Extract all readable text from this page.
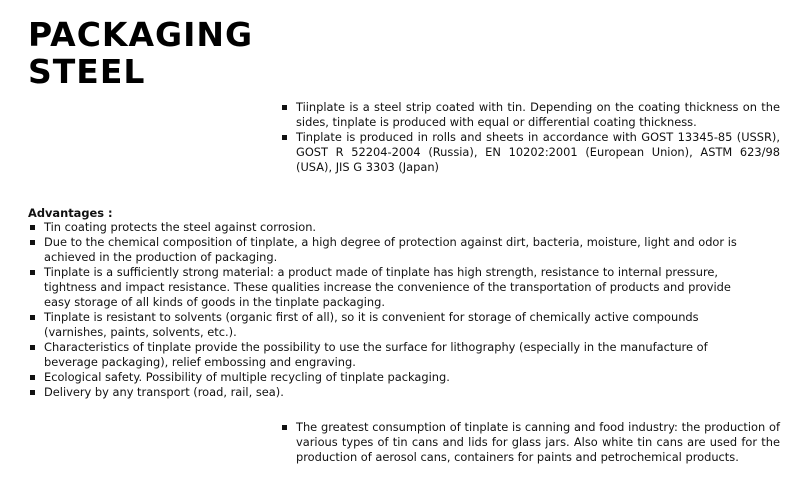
PACKAGING
STEEL
Tiinplate is a steel strip coated with tin. Depending on the coating thickness on the sides, tinplate is produced with equal or differential coating thickness.
Tinplate is produced in rolls and sheets in accordance with GOST 13345-85 (USSR), GOST R 52204-2004 (Russia), EN 10202:2001 (European Union), ASTM 623/98 (USA), JIS G 3303 (Japan)
Advantages :
Tin coating protects the steel against corrosion.
Due to the chemical composition of tinplate, a high degree of protection against dirt, bacteria, moisture, light and odor is achieved in the production of packaging.
Tinplate is a sufficiently strong material: a product made of tinplate has high strength, resistance to internal pressure, tightness and impact resistance. These qualities increase the convenience of the transportation of products and provide easy storage of all kinds of goods in the tinplate packaging.
Tinplate is resistant to solvents (organic first of all), so it is convenient for storage of chemically active compounds (varnishes, paints, solvents, etc.).
Characteristics of tinplate provide the possibility to use the surface for lithography (especially in the manufacture of beverage packaging), relief embossing and engraving.
Ecological safety. Possibility of multiple recycling of tinplate packaging.
Delivery by any transport (road, rail, sea).
The greatest consumption of tinplate is canning and food industry: the production of various types of tin cans and lids for glass jars. Also white tin cans are used for the production of aerosol cans, containers for paints and petrochemical products.
